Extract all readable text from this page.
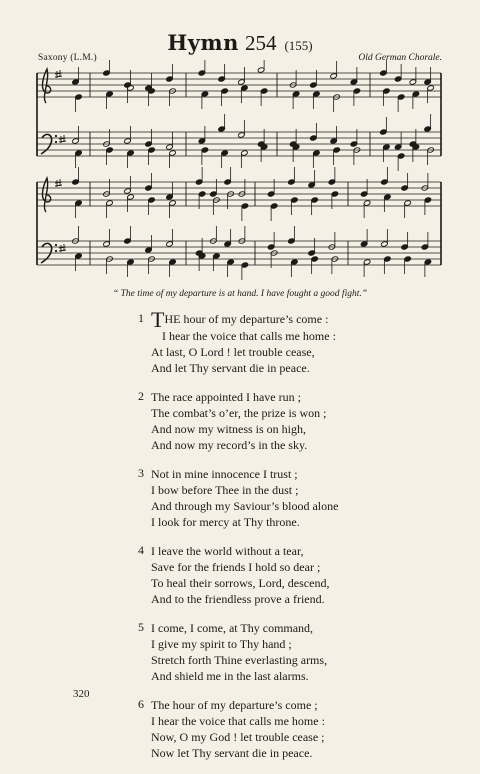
Hymn 254 (155)
Saxony (L.M.)	Old German Chorale.
“ The time of my departure is at hand. I have fought a good fight.”
1 THE hour of my departure’s come :
I hear the voice that calls me home :
At last, O Lord ! let trouble cease,
And let Thy servant die in peace.
2 The race appointed I have run ;
The combat’s o’er, the prize is won ;
And now my witness is on high,
And now my record’s in the sky.
3 Not in mine innocence I trust ;
I bow before Thee in the dust ;
And through my Saviour’s blood alone
I look for mercy at Thy throne.
4 I leave the world without a tear,
Save for the friends I hold so dear ;
To heal their sorrows, Lord, descend,
And to the friendless prove a friend.
5 I come, I come, at Thy command,
I give my spirit to Thy hand ;
Stretch forth Thine everlasting arms,
And shield me in the last alarms.
6 The hour of my departure’s come ;
I hear the voice that calls me home :
Now, O my God ! let trouble cease ;
Now let Thy servant die in peace.
320
